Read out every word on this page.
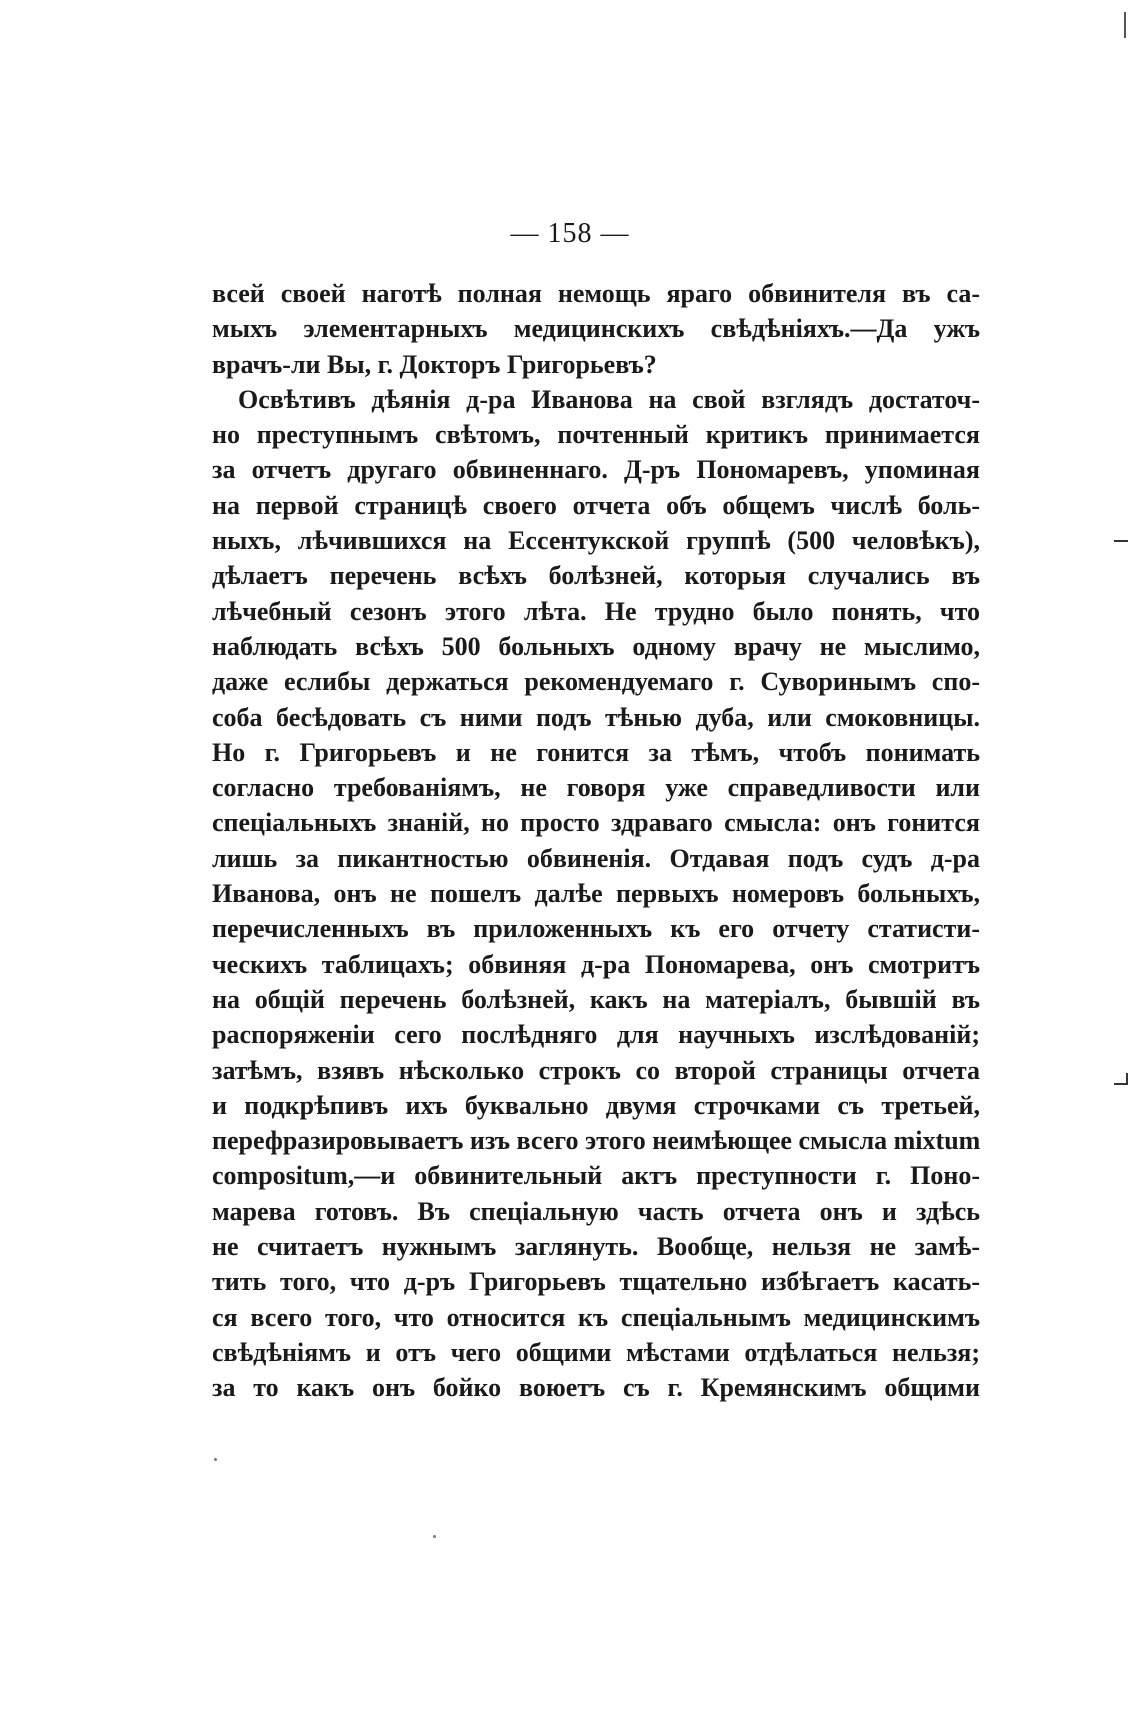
— 158 —
всей своей наготѣ полная немощь яраго обвинителя въ са-
мыхъ элементарныхъ медицинскихъ свѣдѣніяхъ.—Да ужъ
врачъ-ли Вы, г. Докторъ Григорьевъ?
Освѣтивъ дѣянія д-ра Иванова на свой взглядъ достаточ-
но преступнымъ свѣтомъ, почтенный критикъ принимается
за отчетъ другаго обвиненнаго. Д-ръ Пономаревъ, упоминая
на первой страницѣ своего отчета объ общемъ числѣ боль-
ныхъ, лѣчившихся на Ессентукской группѣ (500 человѣкъ),
дѣлаетъ перечень всѣхъ болѣзней, которыя случались въ
лѣчебный сезонъ этого лѣта. Не трудно было понять, что
наблюдать всѣхъ 500 больныхъ одному врачу не мыслимо,
даже еслибы держаться рекомендуемаго г. Суворинымъ спо-
соба бесѣдовать съ ними подъ тѣнью дуба, или смоковницы.
Но г. Григорьевъ и не гонится за тѣмъ, чтобъ понимать
согласно требованіямъ, не говоря уже справедливости или
спеціальныхъ знаній, но просто здраваго смысла: онъ гонится
лишь за пикантностью обвиненія. Отдавая подъ судъ д-ра
Иванова, онъ не пошелъ далѣе первыхъ номеровъ больныхъ,
перечисленныхъ въ приложенныхъ къ его отчету статисти-
ческихъ таблицахъ; обвиняя д-ра Пономарева, онъ смотритъ
на общій перечень болѣзней, какъ на матеріалъ, бывшій въ
распоряженіи сего послѣдняго для научныхъ изслѣдованій;
затѣмъ, взявъ нѣсколько строкъ со второй страницы отчета
и подкрѣпивъ ихъ буквально двумя строчками съ третьей,
перефразировываетъ изъ всего этого неимѣющее смысла mixtum
compositum,—и обвинительный актъ преступности г. Поно-
марева готовъ. Въ спеціальную часть отчета онъ и здѣсь
не считаетъ нужнымъ заглянуть. Вообще, нельзя не замѣ-
тить того, что д-ръ Григорьевъ тщательно избѣгаетъ касать-
ся всего того, что относится къ спеціальнымъ медицинскимъ
свѣдѣніямъ и отъ чего общими мѣстами отдѣлаться нельзя;
за то какъ онъ бойко воюетъ съ г. Кремянскимъ общими
